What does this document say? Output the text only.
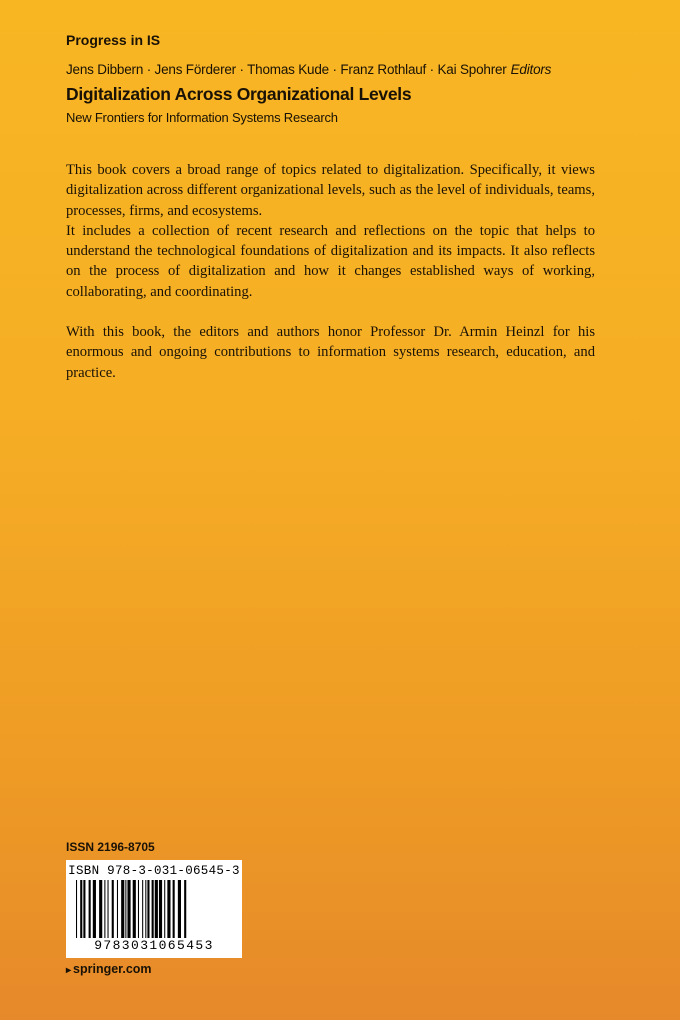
Progress in IS
Jens Dibbern · Jens Förderer · Thomas Kude · Franz Rothlauf · Kai Spohrer Editors
Digitalization Across Organizational Levels
New Frontiers for Information Systems Research

This book covers a broad range of topics related to digitalization. Specifically, it views digitalization across different organizational levels, such as the level of individuals, teams, processes, firms, and ecosystems.

It includes a collection of recent research and reflections on the topic that helps to understand the technological foundations of digitalization and its impacts. It also reflects on the process of digitalization and how it changes established ways of working, collaborating, and coordinating.

With this book, the editors and authors honor Professor Dr. Armin Heinzl for his enormous and ongoing contributions to information systems research, education, and practice.

ISSN 2196-8705
ISBN 978-3-031-06545-3
9783031065453
▸ springer.com
